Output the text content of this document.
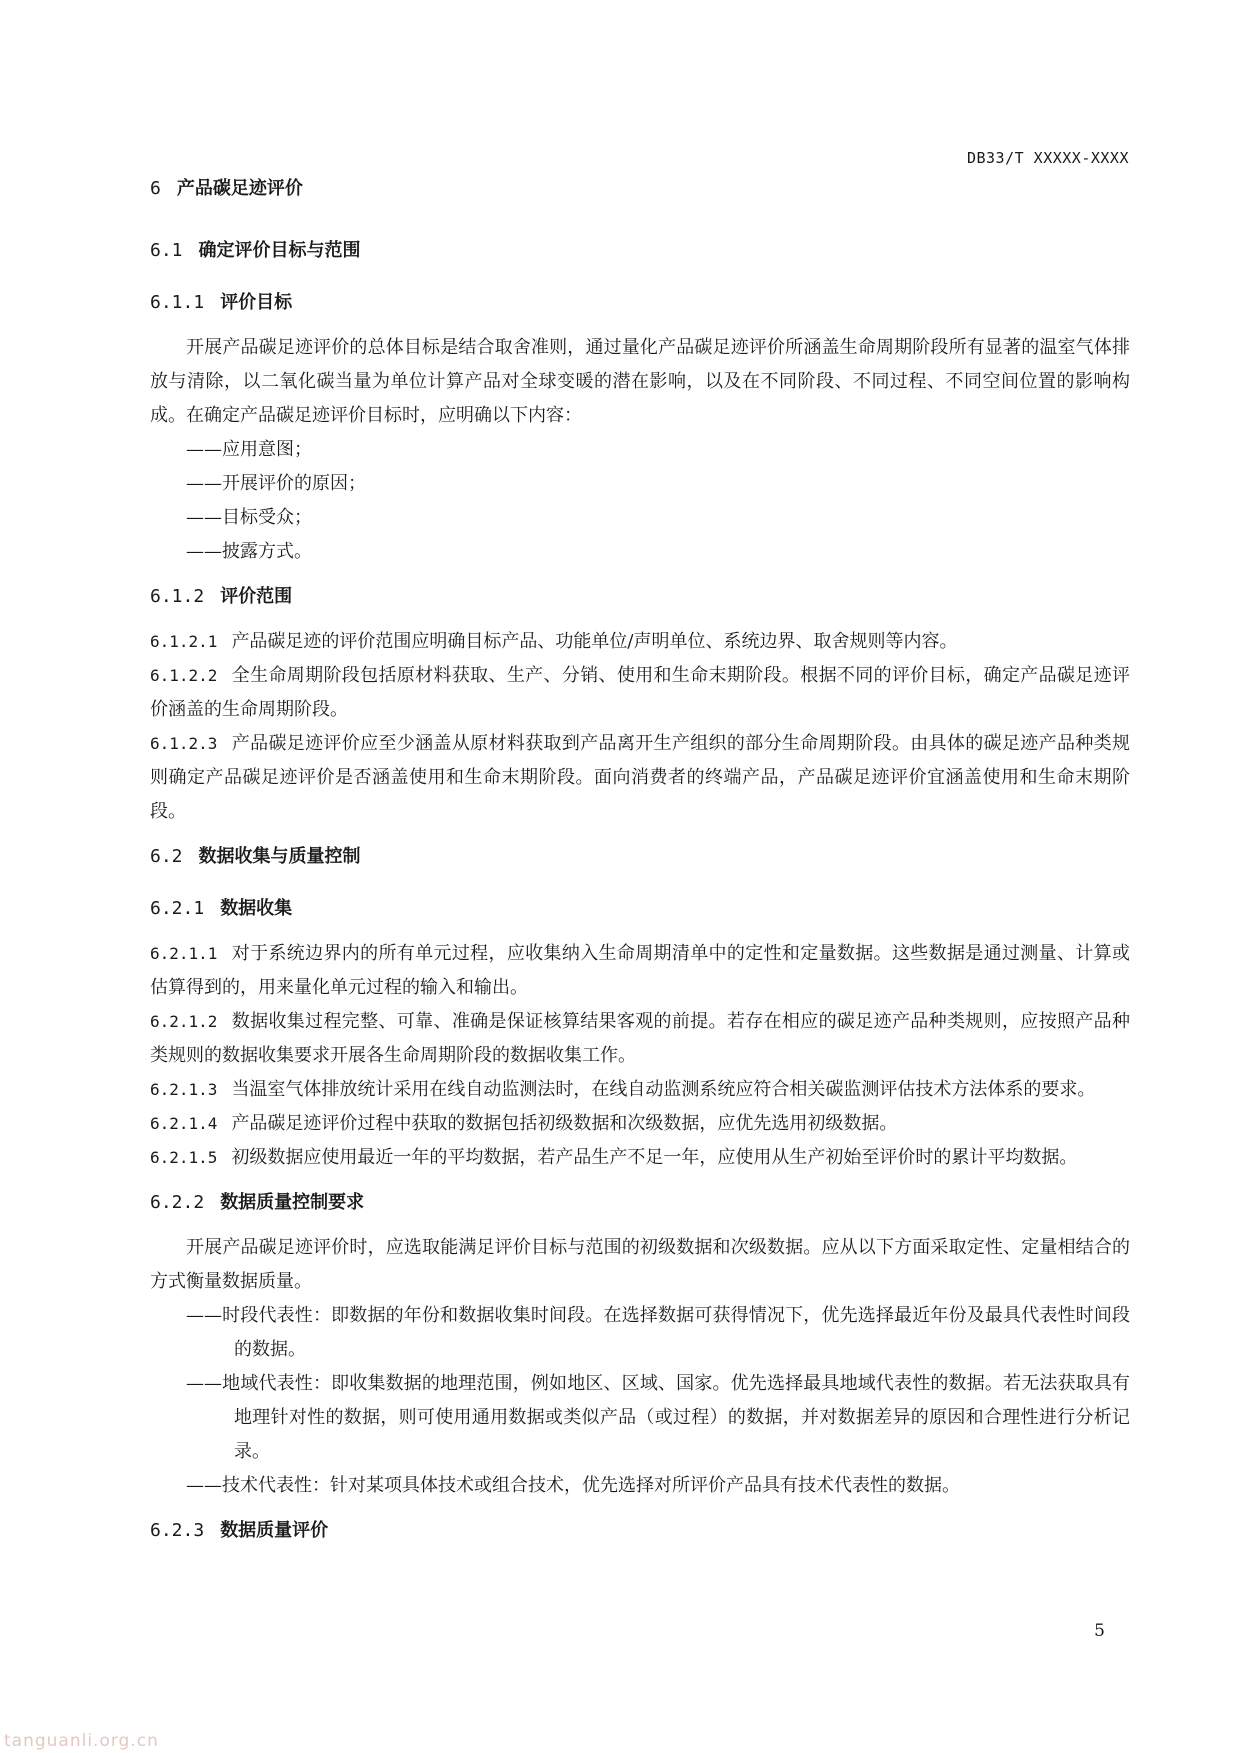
DB33/T XXXXX-XXXX
6 产品碳足迹评价
6.1 确定评价目标与范围
6.1.1 评价目标

开展产品碳足迹评价的总体目标是结合取舍准则，通过量化产品碳足迹评价所涵盖生命周期阶段所有显著的温室气体排放与清除，以二氧化碳当量为单位计算产品对全球变暖的潜在影响，以及在不同阶段、不同过程、不同空间位置的影响构成。在确定产品碳足迹评价目标时，应明确以下内容：

——应用意图；

——开展评价的原因；

——目标受众；

——披露方式。

6.1.2 评价范围

6.1.2.1 产品碳足迹的评价范围应明确目标产品、功能单位/声明单位、系统边界、取舍规则等内容。

6.1.2.2 全生命周期阶段包括原材料获取、生产、分销、使用和生命末期阶段。根据不同的评价目标，确定产品碳足迹评价涵盖的生命周期阶段。

6.1.2.3 产品碳足迹评价应至少涵盖从原材料获取到产品离开生产组织的部分生命周期阶段。由具体的碳足迹产品种类规则确定产品碳足迹评价是否涵盖使用和生命末期阶段。面向消费者的终端产品，产品碳足迹评价宜涵盖使用和生命末期阶段。

6.2 数据收集与质量控制
6.2.1 数据收集

6.2.1.1 对于系统边界内的所有单元过程，应收集纳入生命周期清单中的定性和定量数据。这些数据是通过测量、计算或估算得到的，用来量化单元过程的输入和输出。

6.2.1.2 数据收集过程完整、可靠、准确是保证核算结果客观的前提。若存在相应的碳足迹产品种类规则，应按照产品种类规则的数据收集要求开展各生命周期阶段的数据收集工作。

6.2.1.3 当温室气体排放统计采用在线自动监测法时，在线自动监测系统应符合相关碳监测评估技术方法体系的要求。

6.2.1.4 产品碳足迹评价过程中获取的数据包括初级数据和次级数据，应优先选用初级数据。

6.2.1.5 初级数据应使用最近一年的平均数据，若产品生产不足一年，应使用从生产初始至评价时的累计平均数据。

6.2.2 数据质量控制要求

开展产品碳足迹评价时，应选取能满足评价目标与范围的初级数据和次级数据。应从以下方面采取定性、定量相结合的方式衡量数据质量。

——时段代表性：即数据的年份和数据收集时间段。在选择数据可获得情况下，优先选择最近年份及最具代表性时间段的数据。

——地域代表性：即收集数据的地理范围，例如地区、区域、国家。优先选择最具地域代表性的数据。若无法获取具有地理针对性的数据，则可使用通用数据或类似产品（或过程）的数据，并对数据差异的原因和合理性进行分析记录。

——技术代表性：针对某项具体技术或组合技术，优先选择对所评价产品具有技术代表性的数据。

6.2.3 数据质量评价
5
tanguanli.org.cn
